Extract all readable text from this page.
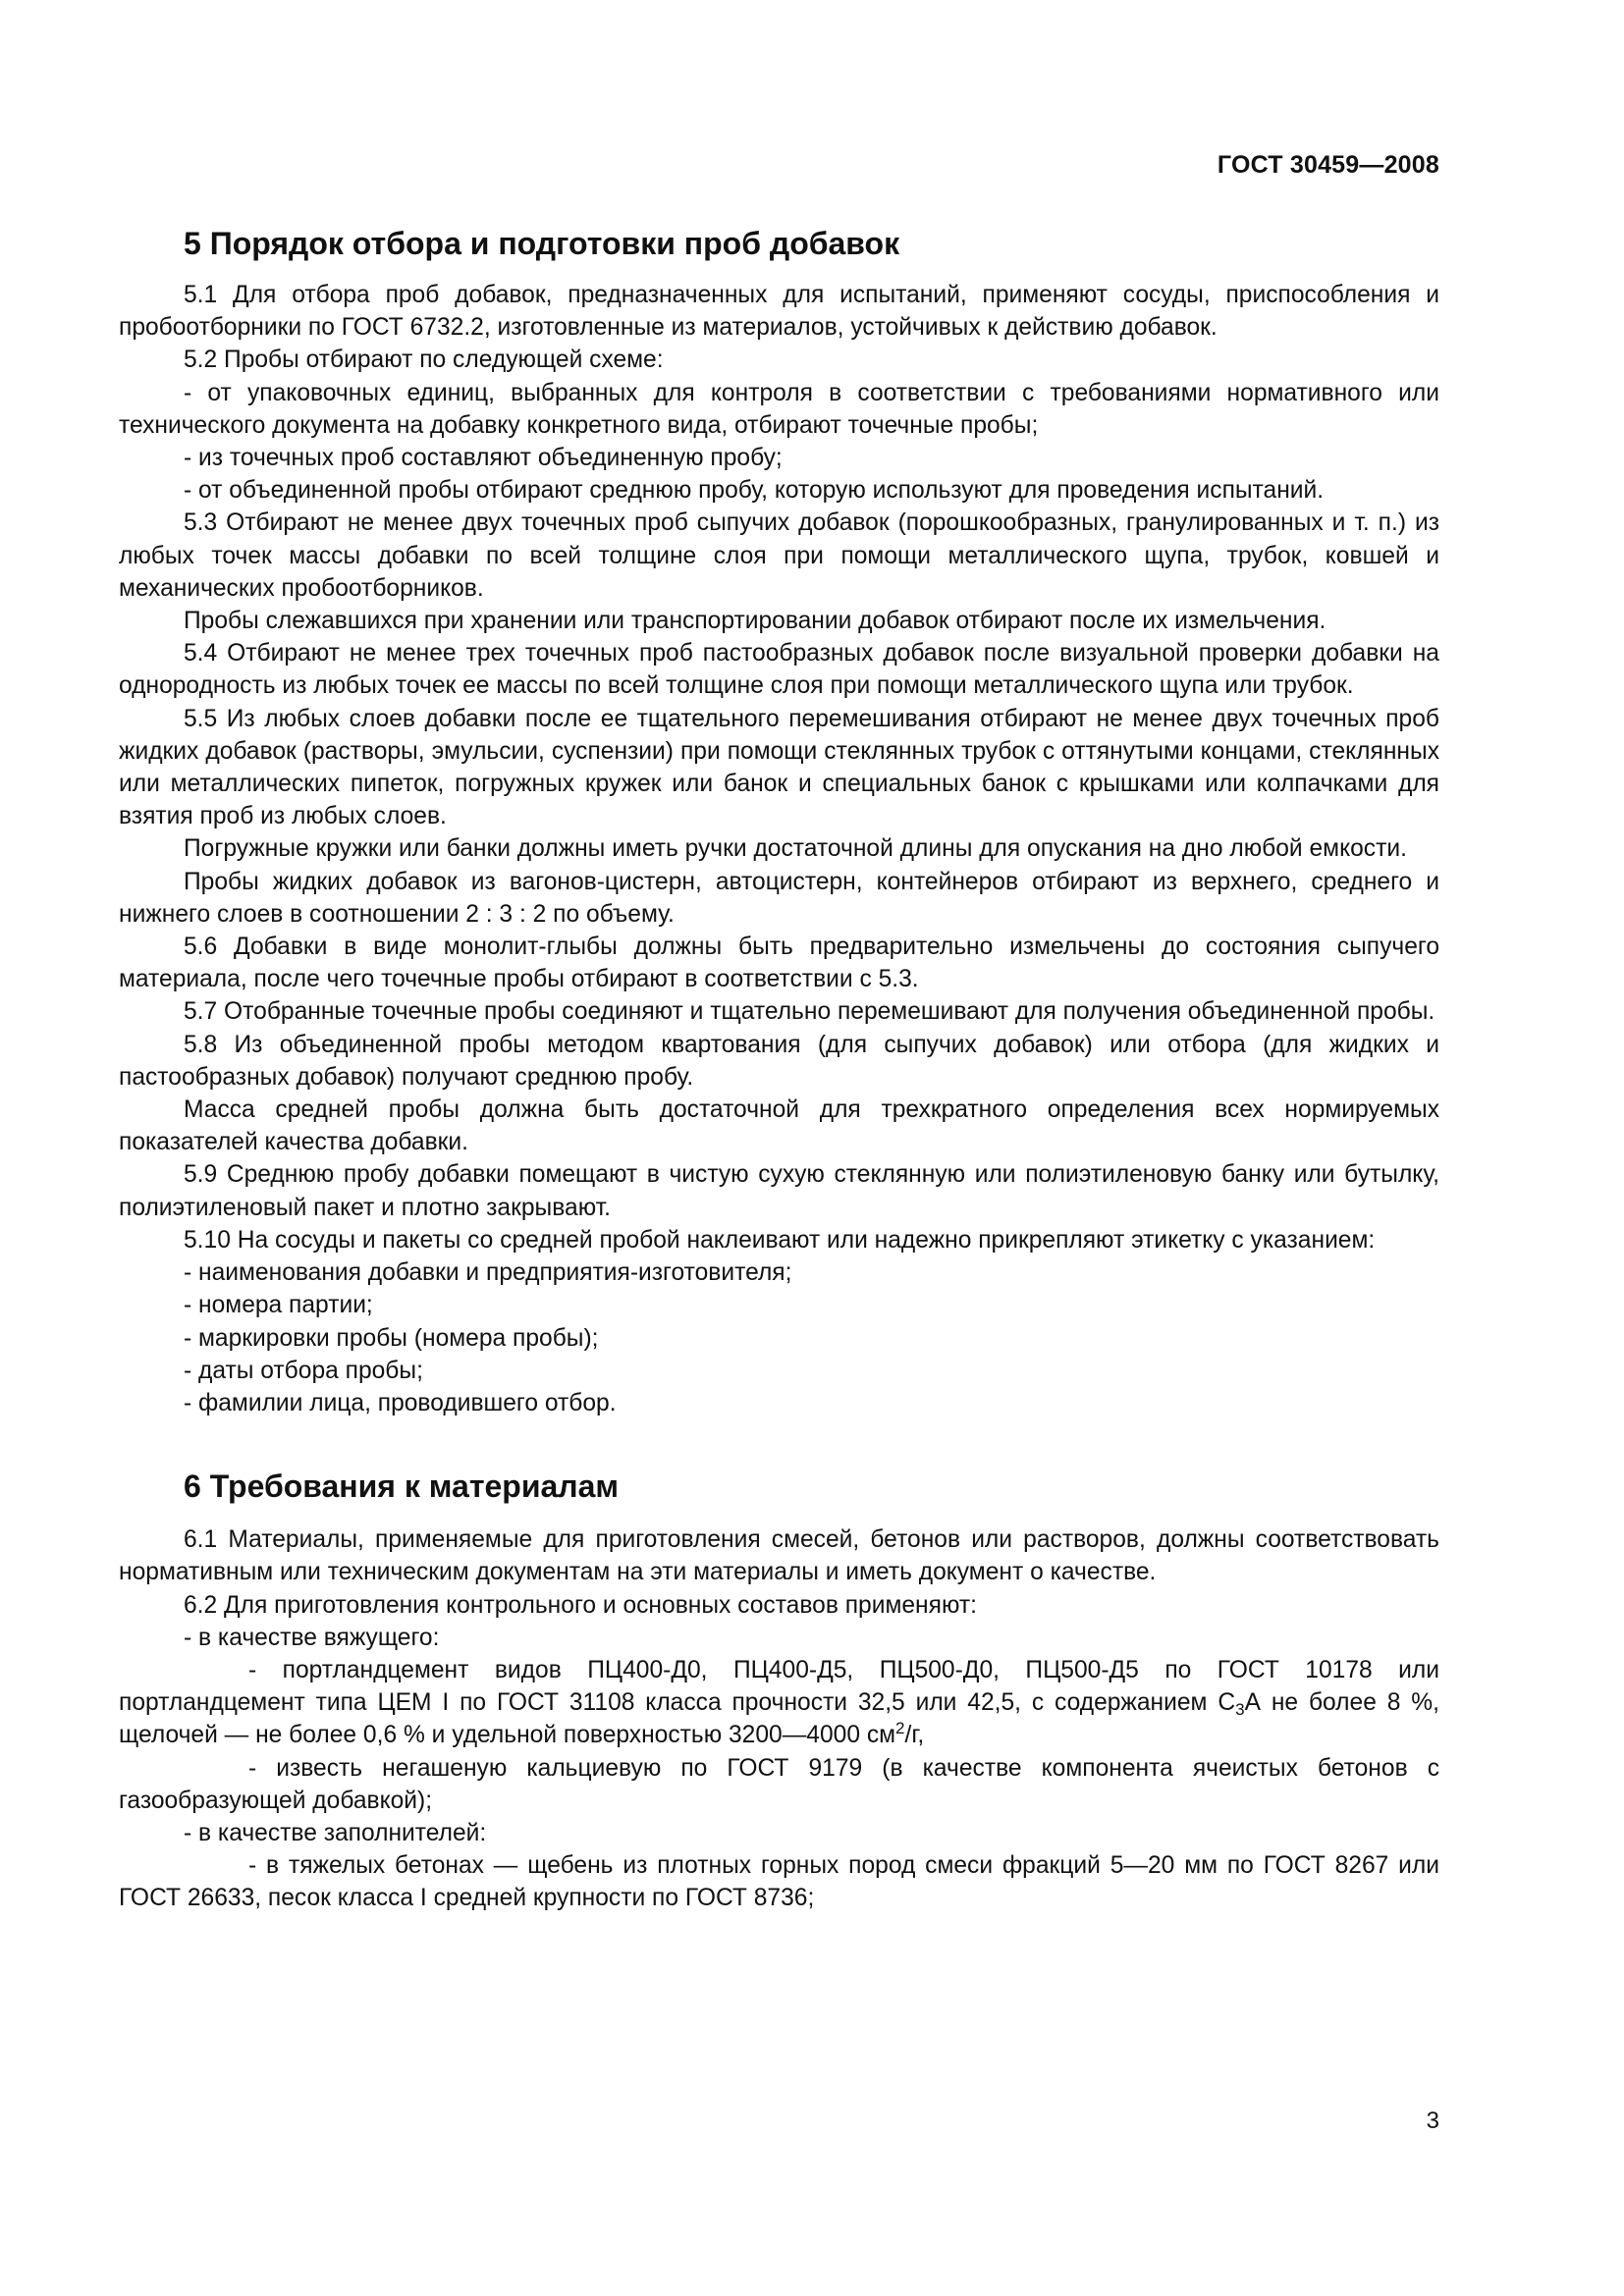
ГОСТ 30459—2008
5 Порядок отбора и подготовки проб добавок

5.1 Для отбора проб добавок, предназначенных для испытаний, применяют сосуды, приспособления и пробоотборники по ГОСТ 6732.2, изготовленные из материалов, устойчивых к действию добавок.

5.2 Пробы отбирают по следующей схеме:

- от упаковочных единиц, выбранных для контроля в соответствии с требованиями нормативного или технического документа на добавку конкретного вида, отбирают точечные пробы;

- из точечных проб составляют объединенную пробу;

- от объединенной пробы отбирают среднюю пробу, которую используют для проведения испытаний.

5.3 Отбирают не менее двух точечных проб сыпучих добавок (порошкообразных, гранулированных и т. п.) из любых точек массы добавки по всей толщине слоя при помощи металлического щупа, трубок, ковшей и механических пробоотборников.

Пробы слежавшихся при хранении или транспортировании добавок отбирают после их измельчения.

5.4 Отбирают не менее трех точечных проб пастообразных добавок после визуальной проверки добавки на однородность из любых точек ее массы по всей толщине слоя при помощи металлического щупа или трубок.

5.5 Из любых слоев добавки после ее тщательного перемешивания отбирают не менее двух точечных проб жидких добавок (растворы, эмульсии, суспензии) при помощи стеклянных трубок с оттянутыми концами, стеклянных или металлических пипеток, погружных кружек или банок и специальных банок с крышками или колпачками для взятия проб из любых слоев.

Погружные кружки или банки должны иметь ручки достаточной длины для опускания на дно любой емкости.

Пробы жидких добавок из вагонов-цистерн, автоцистерн, контейнеров отбирают из верхнего, среднего и нижнего слоев в соотношении 2 : 3 : 2 по объему.

5.6 Добавки в виде монолит-глыбы должны быть предварительно измельчены до состояния сыпучего материала, после чего точечные пробы отбирают в соответствии с 5.3.

5.7 Отобранные точечные пробы соединяют и тщательно перемешивают для получения объединенной пробы.

5.8 Из объединенной пробы методом квартования (для сыпучих добавок) или отбора (для жидких и пастообразных добавок) получают среднюю пробу.

Масса средней пробы должна быть достаточной для трехкратного определения всех нормируемых показателей качества добавки.

5.9 Среднюю пробу добавки помещают в чистую сухую стеклянную или полиэтиленовую банку или бутылку, полиэтиленовый пакет и плотно закрывают.

5.10 На сосуды и пакеты со средней пробой наклеивают или надежно прикрепляют этикетку с указанием:

- наименования добавки и предприятия-изготовителя;

- номера партии;

- маркировки пробы (номера пробы);

- даты отбора пробы;

- фамилии лица, проводившего отбор.

6 Требования к материалам

6.1 Материалы, применяемые для приготовления смесей, бетонов или растворов, должны соответствовать нормативным или техническим документам на эти материалы и иметь документ о качестве.

6.2 Для приготовления контрольного и основных составов применяют:

- в качестве вяжущего:

- портландцемент видов ПЦ400-Д0, ПЦ400-Д5, ПЦ500-Д0, ПЦ500-Д5 по ГОСТ 10178 или портландцемент типа ЦЕМ I по ГОСТ 31108 класса прочности 32,5 или 42,5, с содержанием $С_3А$ не более 8 %, щелочей — не более 0,6 % и удельной поверхностью 3200—4000 $см^2/г$,

- известь негашеную кальциевую по ГОСТ 9179 (в качестве компонента ячеистых бетонов с газообразующей добавкой);

- в качестве заполнителей:

- в тяжелых бетонах — щебень из плотных горных пород смеси фракций 5—20 мм по ГОСТ 8267 или ГОСТ 26633, песок класса I средней крупности по ГОСТ 8736;

3
